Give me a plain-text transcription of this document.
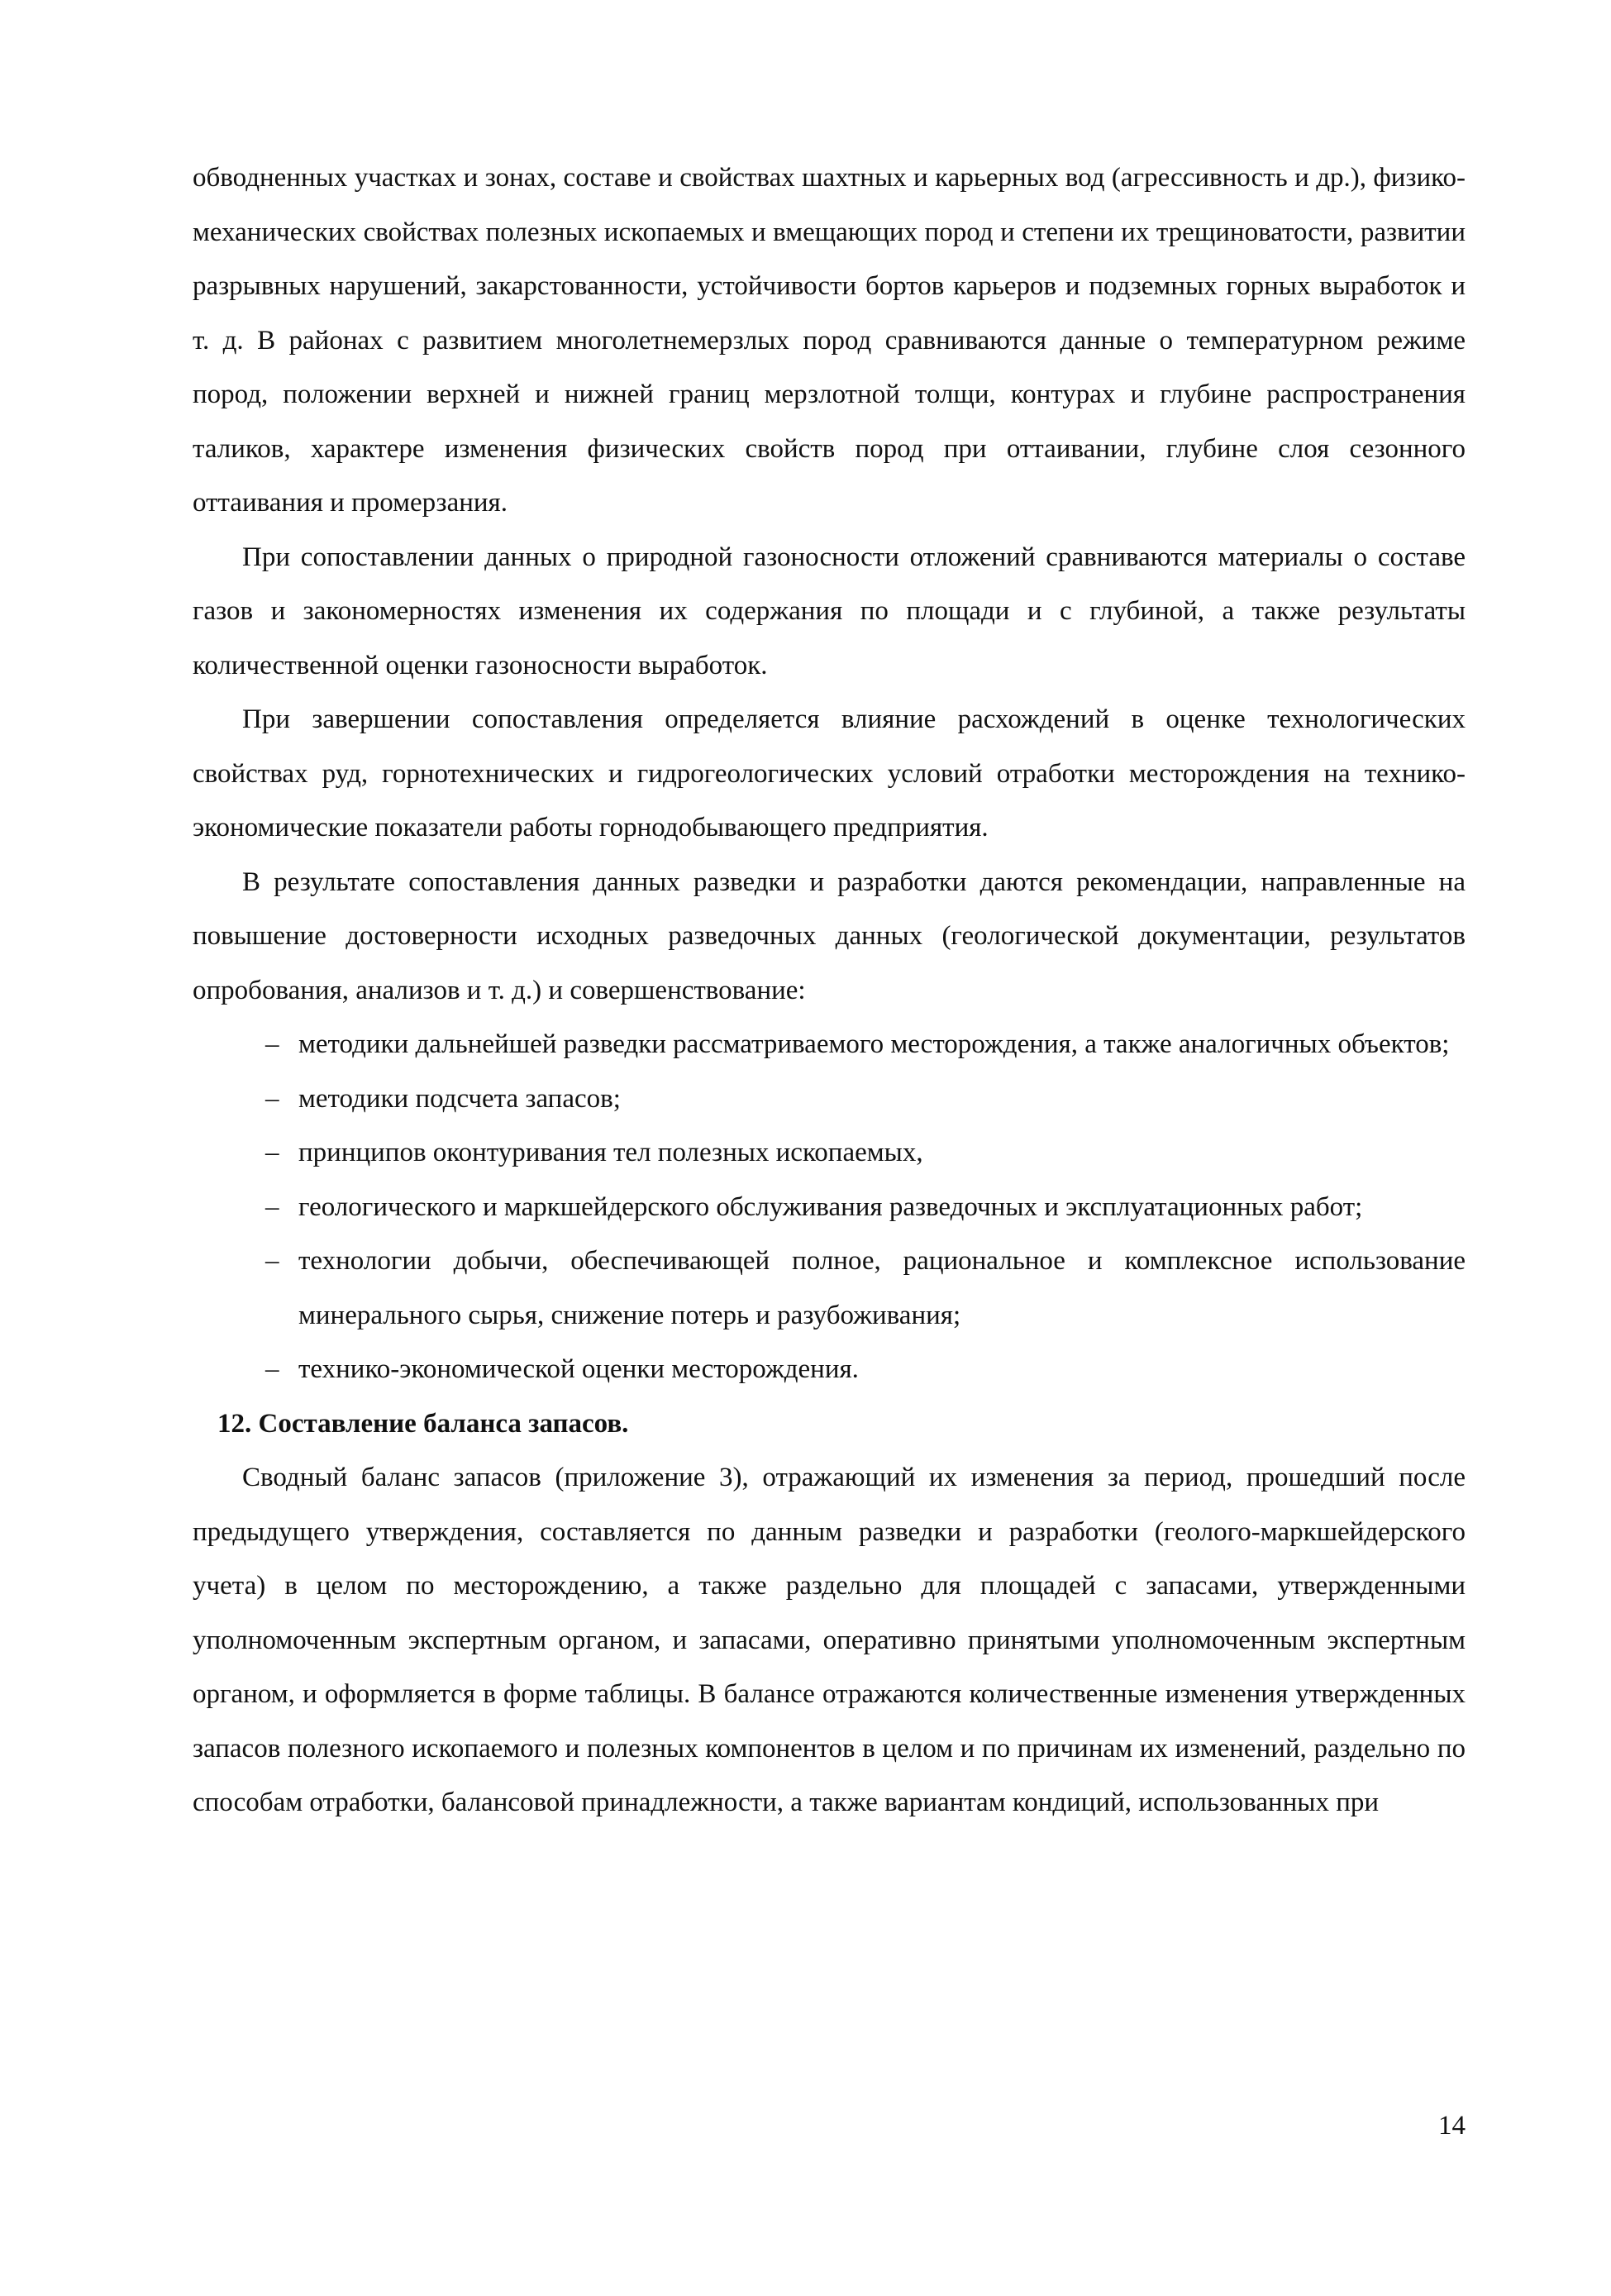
обводненных участках и зонах, составе и свойствах шахтных и карьерных вод (агрессивность и др.), физико-механических свойствах полезных ископаемых и вмещающих пород и степени их трещиноватости, развитии разрывных нарушений, закарстованности, устойчивости бортов карьеров и подземных горных выработок и т. д. В районах с развитием многолетнемерзлых пород сравниваются данные о температурном режиме пород, положении верхней и нижней границ мерзлотной толщи, контурах и глубине распространения таликов, характере изменения физических свойств пород при оттаивании, глубине слоя сезонного оттаивания и промерзания.

При сопоставлении данных о природной газоносности отложений сравниваются материалы о составе газов и закономерностях изменения их содержания по площади и с глубиной, а также результаты количественной оценки газоносности выработок.

При завершении сопоставления определяется влияние расхождений в оценке технологических свойствах руд, горнотехнических и гидрогеологических условий отработки месторождения на технико-экономические показатели работы горнодобывающего предприятия.

В результате сопоставления данных разведки и разработки даются рекомендации, направленные на повышение достоверности исходных разведочных данных (геологической документации, результатов опробования, анализов и т. д.) и совершенствование:

– методики дальнейшей разведки рассматриваемого месторождения, а также аналогичных объектов;
– методики подсчета запасов;
– принципов оконтуривания тел полезных ископаемых,
– геологического и маркшейдерского обслуживания разведочных и эксплуатационных работ;
– технологии добычи, обеспечивающей полное, рациональное и комплексное использование минерального сырья, снижение потерь и разубоживания;
– технико-экономической оценки месторождения.
12. Составление баланса запасов.

Сводный баланс запасов (приложение 3), отражающий их изменения за период, прошедший после предыдущего утверждения, составляется по данным разведки и разработки (геолого-маркшейдерского учета) в целом по месторождению, а также раздельно для площадей с запасами, утвержденными уполномоченным экспертным органом, и запасами, оперативно принятыми уполномоченным экспертным органом, и оформляется в форме таблицы. В балансе отражаются количественные изменения утвержденных запасов полезного ископаемого и полезных компонентов в целом и по причинам их изменений, раздельно по способам отработки, балансовой принадлежности, а также вариантам кондиций, использованных при

14
